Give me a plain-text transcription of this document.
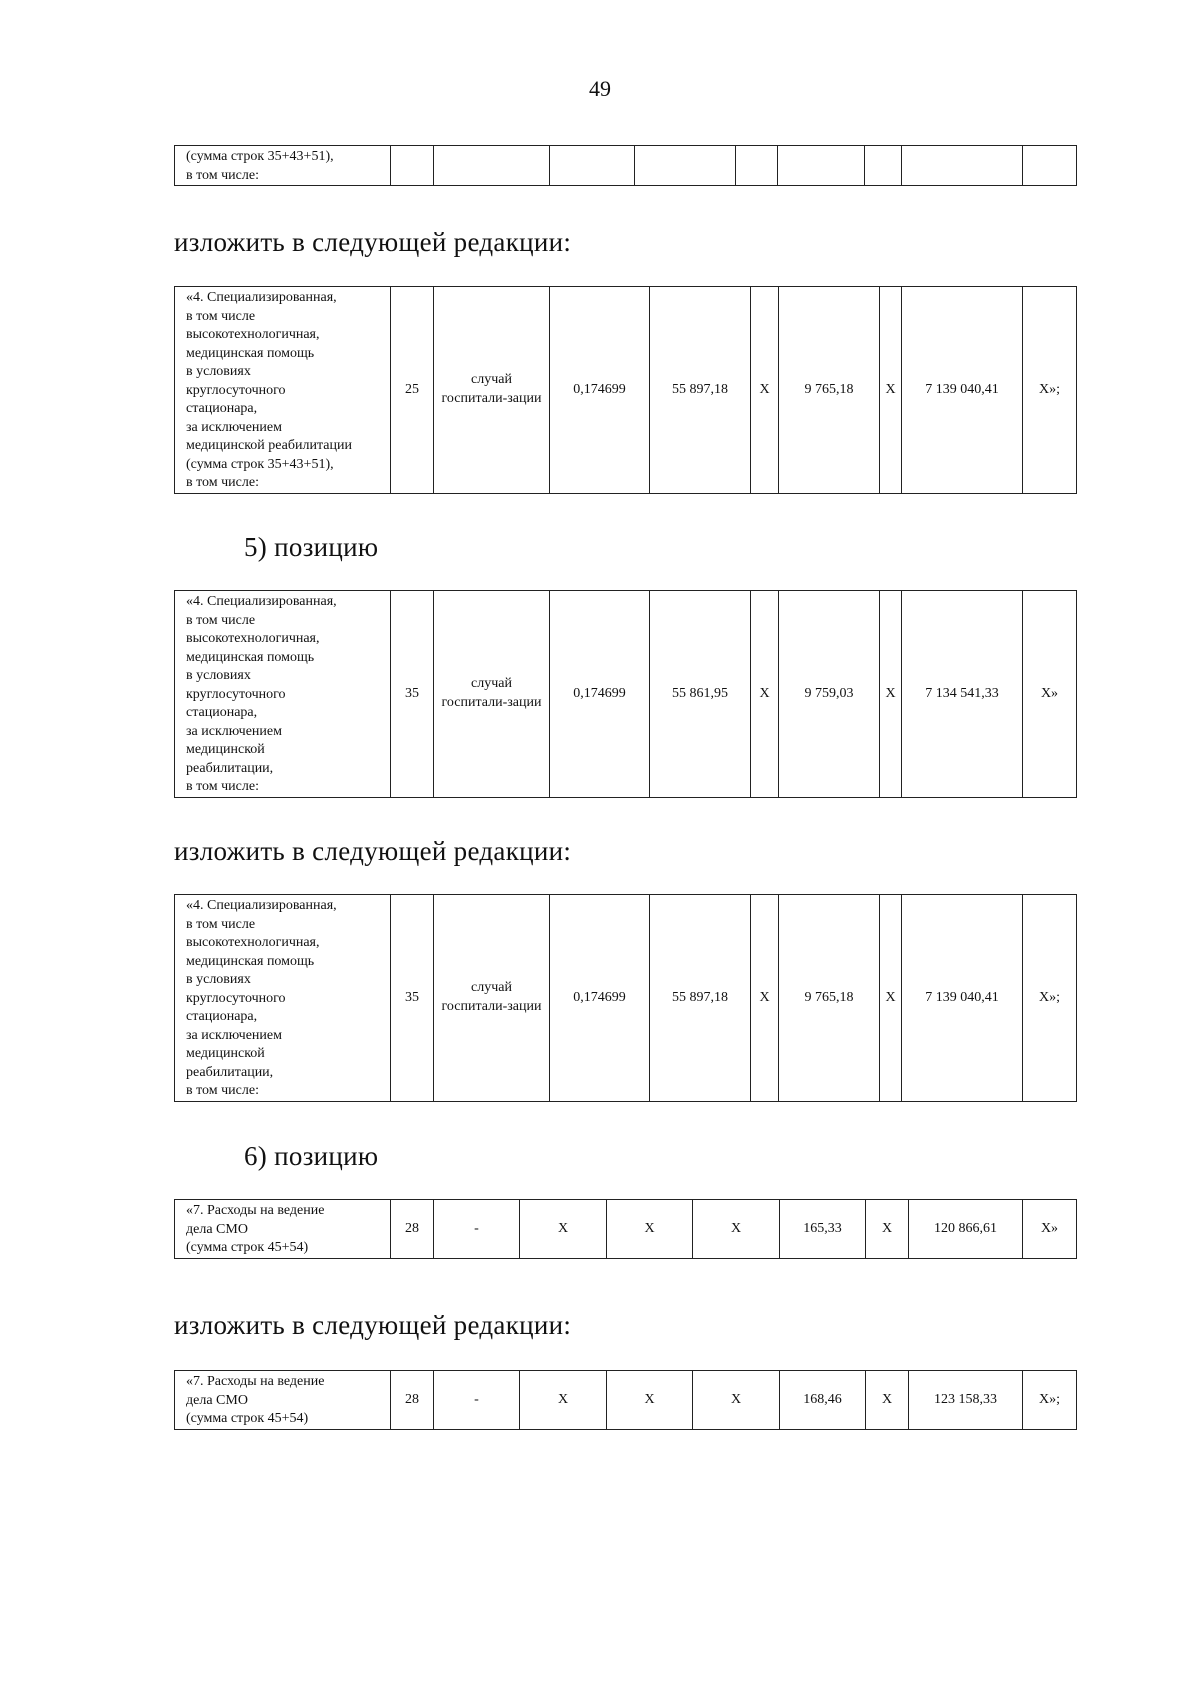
49
(сумма строк 35+43+51),
в том числе:									
изложить в следующей редакции:
«4. Специализированная,
в том числе
высокотехнологичная,
медицинская помощь
в условиях
круглосуточного
стационара,
за исключением
медицинской реабилитации
(сумма строк 35+43+51),
в том числе:	25	случай госпитали-зации	0,174699	55 897,18	X	9 765,18	X	7 139 040,41	X»;
5) позицию
«4. Специализированная,
в том числе
высокотехнологичная,
медицинская помощь
в условиях
круглосуточного
стационара,
за исключением
медицинской
реабилитации,
в том числе:	35	случай госпитали-зации	0,174699	55 861,95	X	9 759,03	X	7 134 541,33	X»
изложить в следующей редакции:
«4. Специализированная,
в том числе
высокотехнологичная,
медицинская помощь
в условиях
круглосуточного
стационара,
за исключением
медицинской
реабилитации,
в том числе:	35	случай госпитали-зации	0,174699	55 897,18	X	9 765,18	X	7 139 040,41	X»;
6) позицию
«7. Расходы на ведение
дела СМО
(сумма строк 45+54)	28	-	X	X	X	165,33	X	120 866,61	X»
изложить в следующей редакции:
«7. Расходы на ведение
дела СМО
(сумма строк 45+54)	28	-	X	X	X	168,46	X	123 158,33	X»;
